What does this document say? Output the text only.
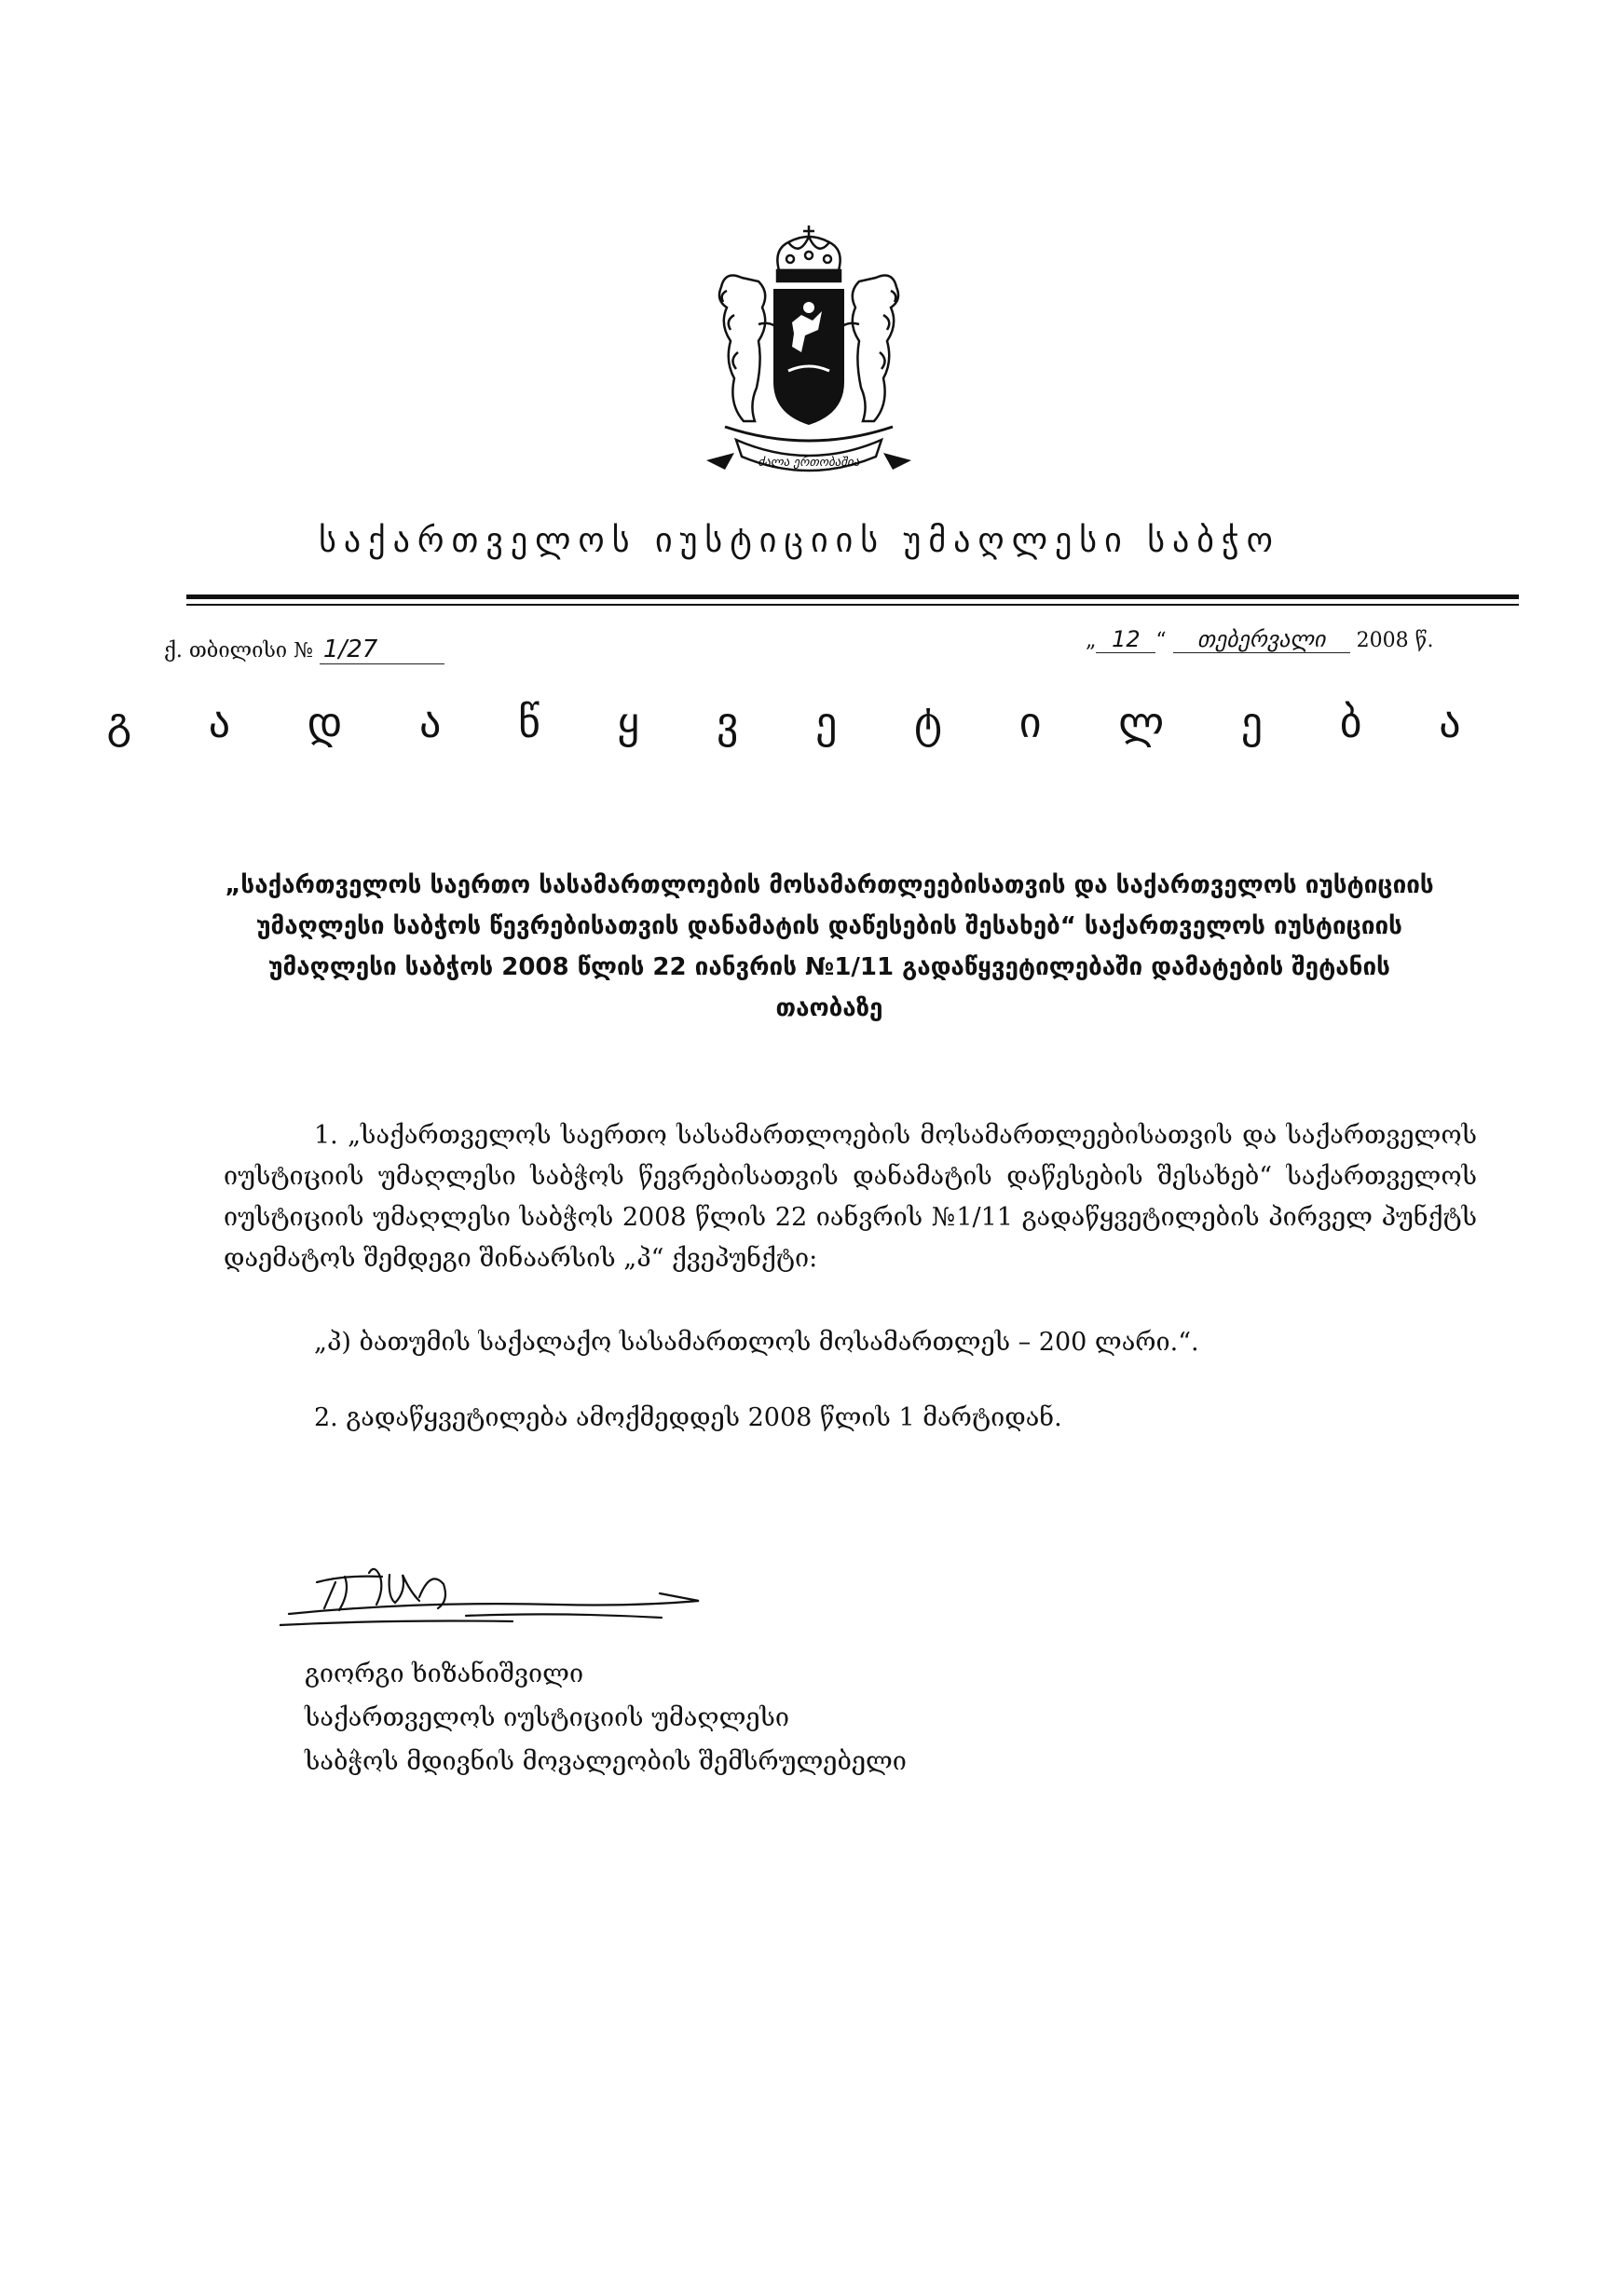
ძალა ერთობაშია
საქართველოს იუსტიციის უმაღლესი საბჭო
ქ. თბილისი № 1/27	„ 12 “ თებერვალი 2008 წ.
გ ა დ ა წ ყ ვ ე ტ ი ლ ე ბ ა
„საქართველოს საერთო სასამართლოების მოსამართლეებისათვის და საქართველოს იუსტიციის უმაღლესი საბჭოს წევრებისათვის დანამატის დაწესების შესახებ“ საქართველოს იუსტიციის უმაღლესი საბჭოს 2008 წლის 22 იანვრის №1/11 გადაწყვეტილებაში დამატების შეტანის თაობაზე
1. „საქართველოს საერთო სასამართლოების მოსამართლეებისათვის და საქართველოს იუსტიციის უმაღლესი საბჭოს წევრებისათვის დანამატის დაწესების შესახებ“ საქართველოს იუსტიციის უმაღლესი საბჭოს 2008 წლის 22 იანვრის №1/11 გადაწყვეტილების პირველ პუნქტს დაემატოს შემდეგი შინაარსის „პ“ ქვეპუნქტი:
„პ) ბათუმის საქალაქო სასამართლოს მოსამართლეს – 200 ლარი.“.
2. გადაწყვეტილება ამოქმედდეს 2008 წლის 1 მარტიდან.
გიორგი ხიზანიშვილი
საქართველოს იუსტიციის უმაღლესი
საბჭოს მდივნის მოვალეობის შემსრულებელი
